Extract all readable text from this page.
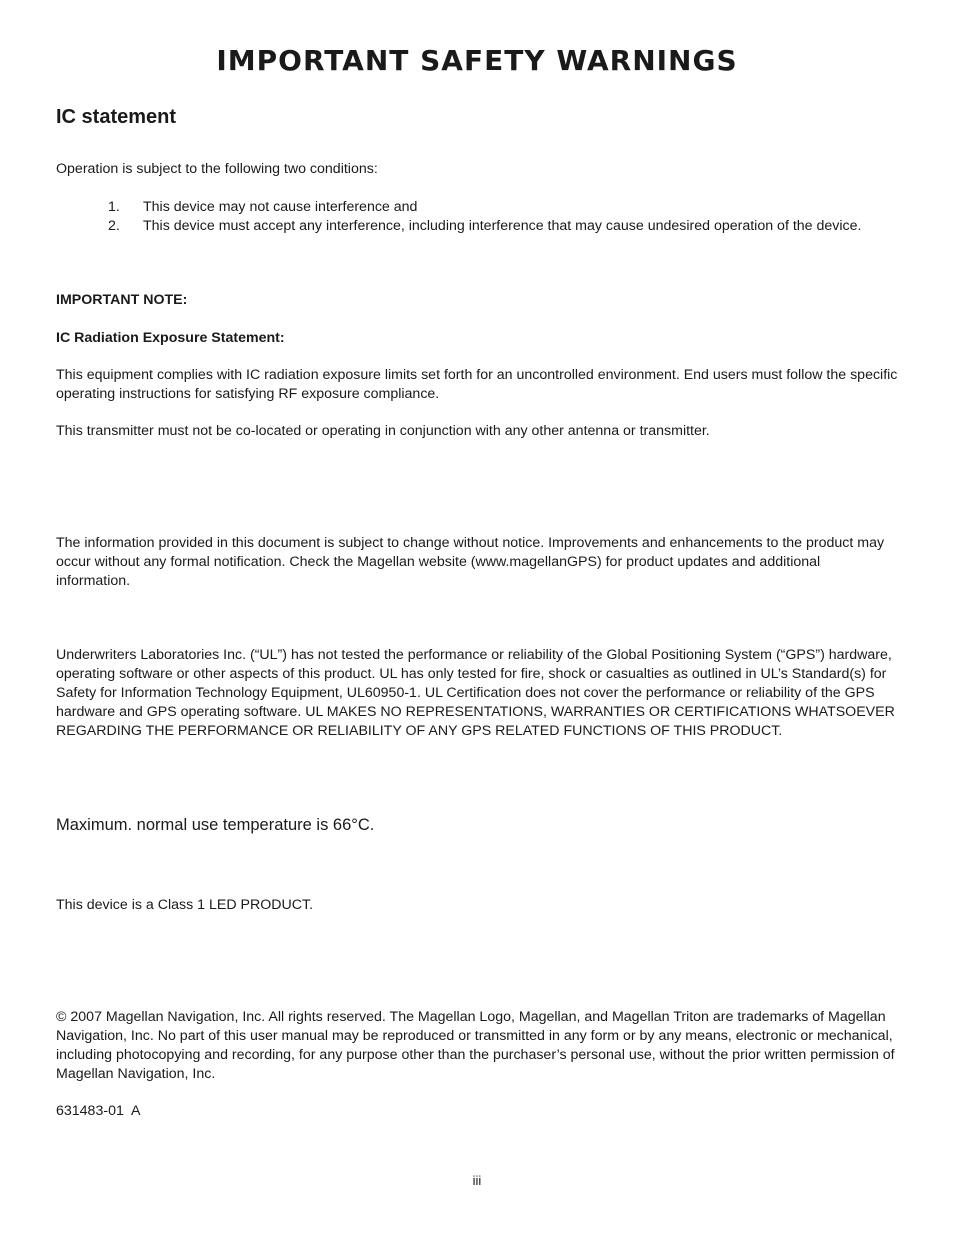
IMPORTANT SAFETY WARNINGS
IC statement

Operation is subject to the following two conditions:

1.	This device may not cause interference and
2.	This device must accept any interference, including interference that may cause undesired operation of the device.

IMPORTANT NOTE:

IC Radiation Exposure Statement:

This equipment complies with IC radiation exposure limits set forth for an uncontrolled environment. End users must follow the specific operating instructions for satisfying RF exposure compliance.

This transmitter must not be co-located or operating in conjunction with any other antenna or transmitter.

The information provided in this document is subject to change without notice. Improvements and enhancements to the product may occur without any formal notification. Check the Magellan website (www.magellanGPS) for product updates and additional information.

Underwriters Laboratories Inc. (“UL”) has not tested the performance or reliability of the Global Positioning System (“GPS”) hardware, operating software or other aspects of this product. UL has only tested for fire, shock or casualties as outlined in UL’s Standard(s) for Safety for Information Technology Equipment, UL60950-1. UL Certification does not cover the performance or reliability of the GPS hardware and GPS operating software. UL MAKES NO REPRESENTATIONS, WARRANTIES OR CERTIFICATIONS WHATSOEVER REGARDING THE PERFORMANCE OR RELIABILITY OF ANY GPS RELATED FUNCTIONS OF THIS PRODUCT.

Maximum. normal use temperature is 66°C.

This device is a Class 1 LED PRODUCT.

© 2007 Magellan Navigation, Inc. All rights reserved. The Magellan Logo, Magellan, and Magellan Triton are trademarks of Magellan Navigation, Inc. No part of this user manual may be reproduced or transmitted in any form or by any means, electronic or mechanical, including photocopying and recording, for any purpose other than the purchaser’s personal use, without the prior written permission of Magellan Navigation, Inc.

631483-01  A

iii
